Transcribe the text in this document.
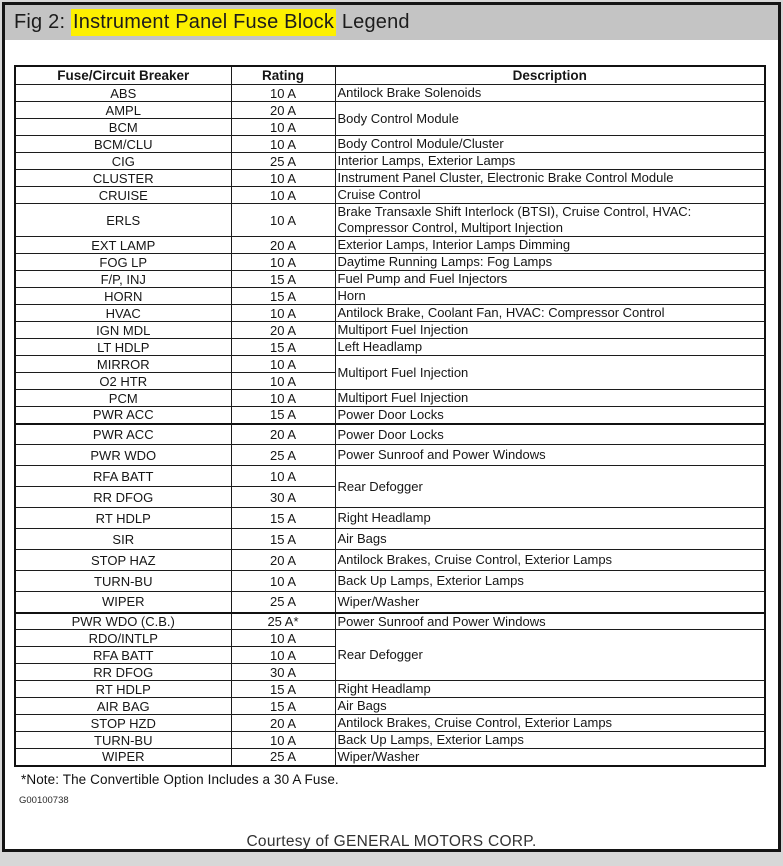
Fig 2: Instrument Panel Fuse Block Legend
Fuse/Circuit Breaker	Rating	Description
ABS	10 A	Antilock Brake Solenoids
AMPL	20 A	Body Control Module
BCM	10 A	
BCM/CLU	10 A	Body Control Module/Cluster
CIG	25 A	Interior Lamps, Exterior Lamps
CLUSTER	10 A	Instrument Panel Cluster, Electronic Brake Control Module
CRUISE	10 A	Cruise Control
ERLS	10 A	Brake Transaxle Shift Interlock (BTSI), Cruise Control, HVAC: Compressor Control, Multiport Injection
EXT LAMP	20 A	Exterior Lamps, Interior Lamps Dimming
FOG LP	10 A	Daytime Running Lamps: Fog Lamps
F/P, INJ	15 A	Fuel Pump and Fuel Injectors
HORN	15 A	Horn
HVAC	10 A	Antilock Brake, Coolant Fan, HVAC: Compressor Control
IGN MDL	20 A	Multiport Fuel Injection
LT HDLP	15 A	Left Headlamp
MIRROR	10 A	Multiport Fuel Injection
O2 HTR	10 A	
PCM	10 A	Multiport Fuel Injection
PWR ACC	15 A	Power Door Locks
PWR ACC	20 A	Power Door Locks
PWR WDO	25 A	Power Sunroof and Power Windows
RFA BATT	10 A	Rear Defogger
RR DFOG	30 A	
RT HDLP	15 A	Right Headlamp
SIR	15 A	Air Bags
STOP HAZ	20 A	Antilock Brakes, Cruise Control, Exterior Lamps
TURN-BU	10 A	Back Up Lamps, Exterior Lamps
WIPER	25 A	Wiper/Washer
PWR WDO (C.B.)	25 A*	Power Sunroof and Power Windows
RDO/INTLP	10 A	Rear Defogger
RFA BATT	10 A	
RR DFOG	30 A	
RT HDLP	15 A	Right Headlamp
AIR BAG	15 A	Air Bags
STOP HZD	20 A	Antilock Brakes, Cruise Control, Exterior Lamps
TURN-BU	10 A	Back Up Lamps, Exterior Lamps
WIPER	25 A	Wiper/Washer
*Note: The Convertible Option Includes a 30 A Fuse.
G00100738
Courtesy of GENERAL MOTORS CORP.
